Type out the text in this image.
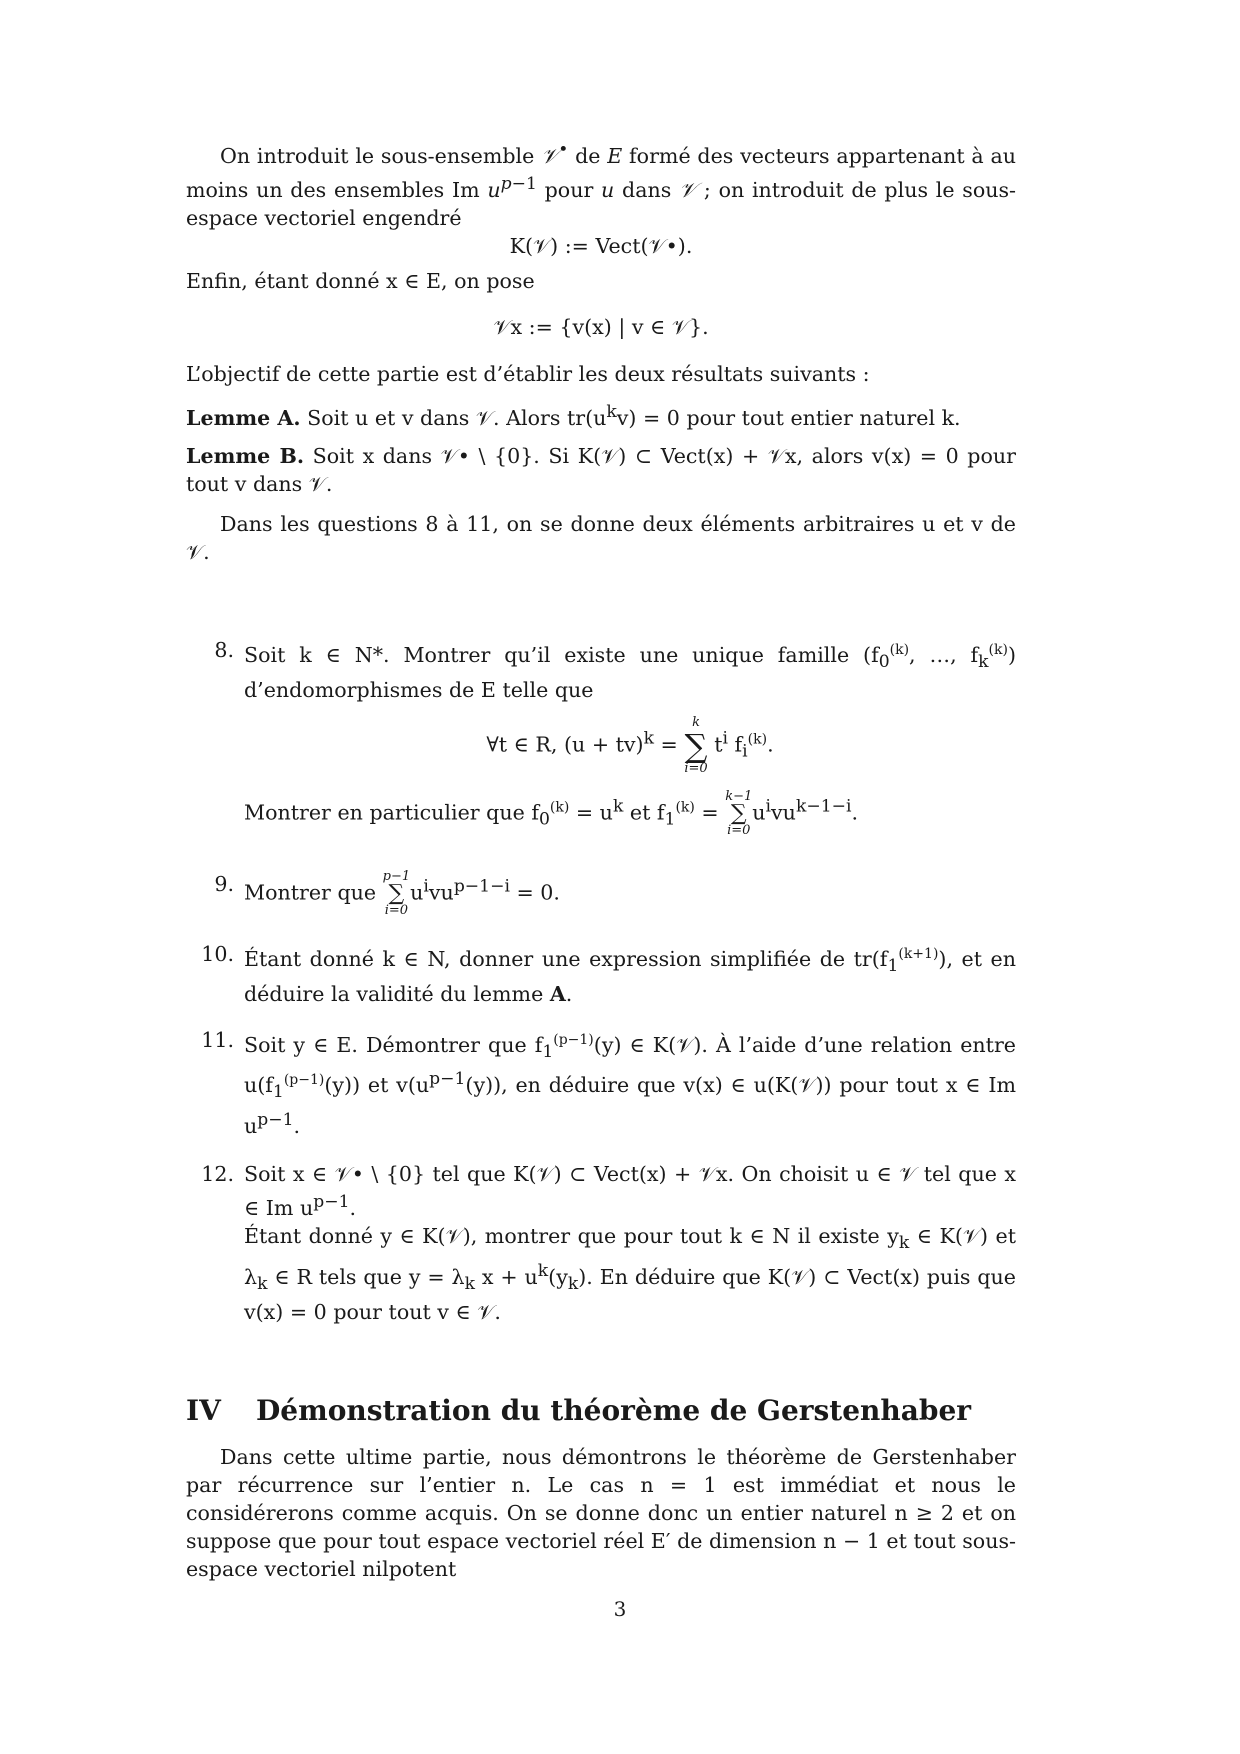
On introduit le sous-ensemble 𝒱• de E formé des vecteurs appartenant à au moins un des ensembles Im $u^{p-1}$ pour u dans 𝒱 ; on introduit de plus le sous-espace vectoriel engendré

K(𝒱) := Vect(𝒱•).

Enfin, étant donné x ∈ E, on pose

𝒱x := {v(x) | v ∈ 𝒱}.

L’objectif de cette partie est d’établir les deux résultats suivants :

Lemme A. Soit u et v dans 𝒱. Alors $tr(u^kv) = 0$ pour tout entier naturel k.

Lemme B. Soit x dans 𝒱• \ {0}. Si K(𝒱) ⊂ Vect(x) + 𝒱x, alors v(x) = 0 pour tout v dans 𝒱.

Dans les questions 8 à 11, on se donne deux éléments arbitraires u et v de 𝒱.

8. Soit k ∈ N*. Montrer qu’il existe une unique famille ($f_0^{(k)}$, …, $f_k^{(k)}$) d’endomorphismes de E telle que
∀t ∈ R, (u + tv)$^k$ =
k
∑
i=0
$t^i$ $f_i^{(k)}$.
Montrer en particulier que $f_0^{(k)} = u^k$ et $f_1^{(k)}$ =
k−1
∑
i=0
$u^ivu^{k-1-i}$.
9. Montrer que
p−1
∑
i=0
$u^ivu^{p-1-i} = 0$.
10. Étant donné k ∈ N, donner une expression simplifiée de $tr(f_1^{(k+1)})$, et en déduire la validité du lemme A.
11. Soit y ∈ E. Démontrer que $f_1^{(p-1)}(y)$ ∈ K(𝒱). À l’aide d’une relation entre $u(f_1^{(p-1)}(y))$ et $v(u^{p-1}(y))$, en déduire que v(x) ∈ u(K(𝒱)) pour tout x ∈ Im $u^{p-1}$.
12. Soit x ∈ 𝒱• \ {0} tel que K(𝒱) ⊂ Vect(x) + 𝒱x. On choisit u ∈ 𝒱 tel que x ∈ Im $u^{p-1}$.
Étant donné y ∈ K(𝒱), montrer que pour tout k ∈ N il existe $y_k$ ∈ K(𝒱) et $\lambda_k$ ∈ R tels que $y = \lambda_k$ $x + u^k(y_k)$. En déduire que K(𝒱) ⊂ Vect(x) puis que v(x) = 0 pour tout v ∈ 𝒱.
IV Démonstration du théorème de Gerstenhaber

Dans cette ultime partie, nous démontrons le théorème de Gerstenhaber par récurrence sur l’entier n. Le cas n = 1 est immédiat et nous le considérerons comme acquis. On se donne donc un entier naturel n ≥ 2 et on suppose que pour tout espace vectoriel réel E′ de dimension n − 1 et tout sous-espace vectoriel nilpotent

3
